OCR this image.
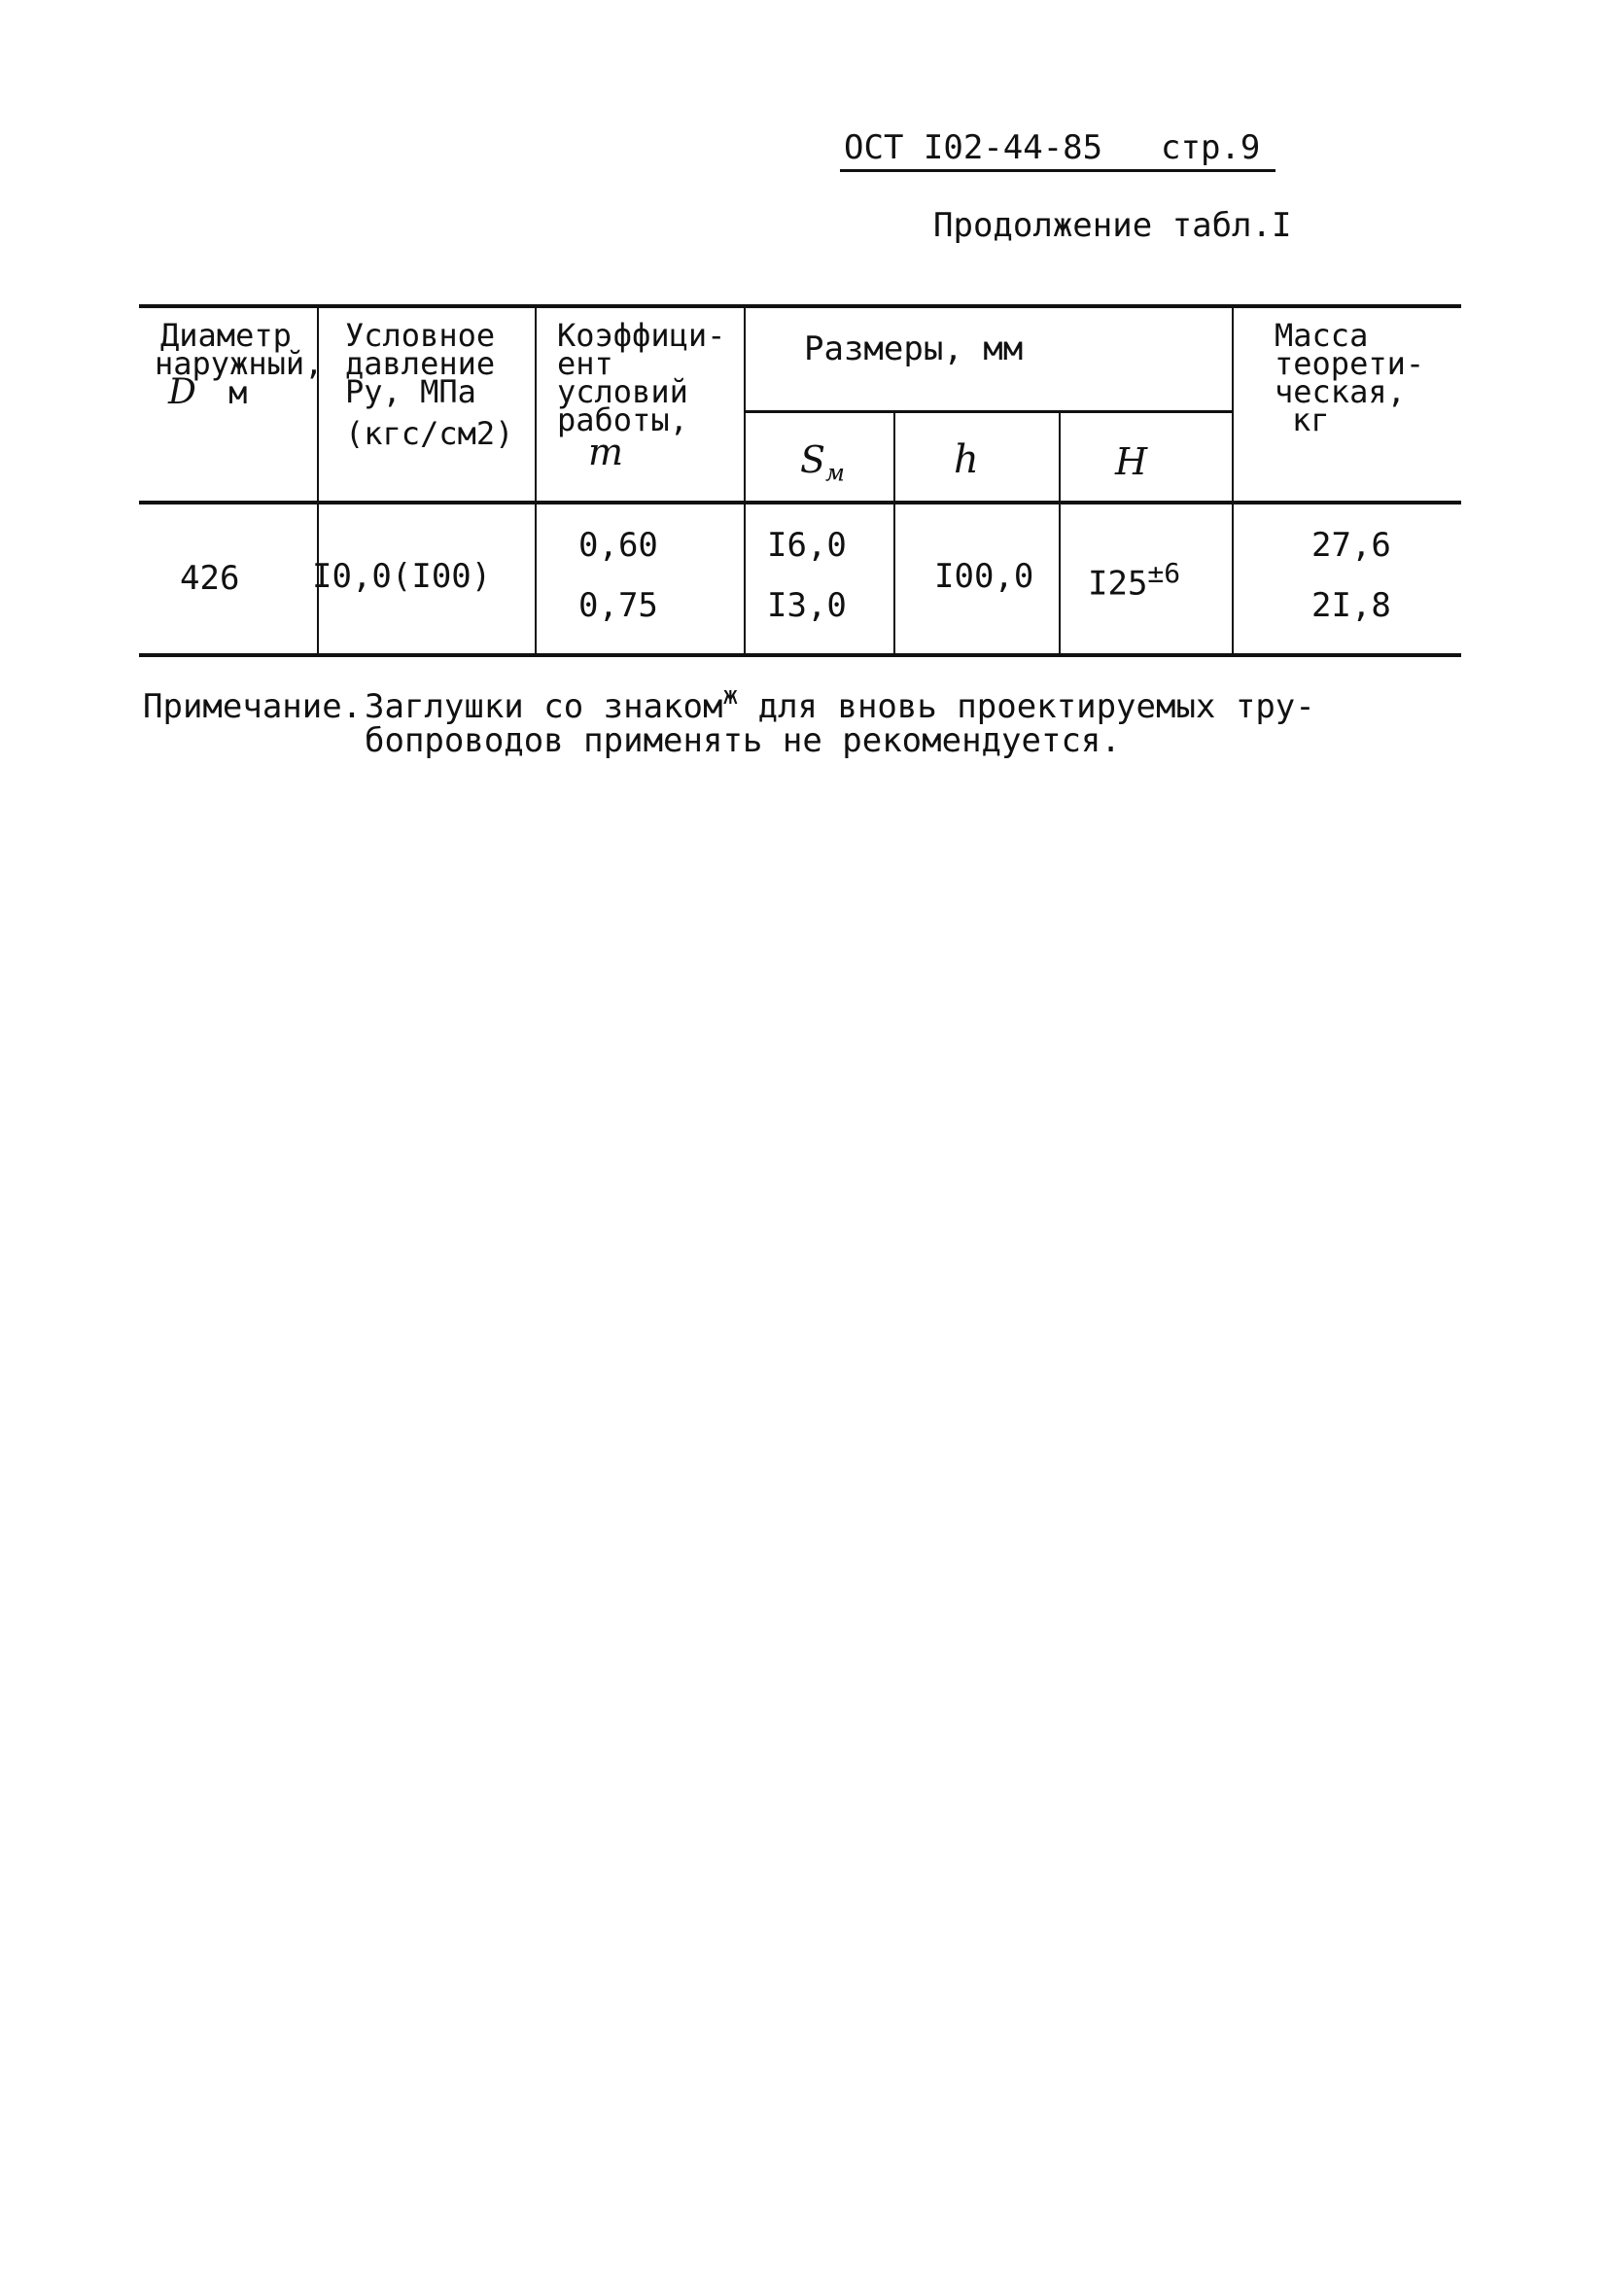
ОСТ I02-44-85 стр.9
Продолжение табл.I
Диаметр
наружный,
D м
Условное
давление
Py, МПа
(кгс/см2)
Коэффици-
ент
условий
работы,
m
Размеры, мм
$S_м$	h	H
Масса
теорети-
ческая,
кг
426 I0,0(I00)
0,60
0,75
I6,0
I3,0
I00,0 $I25^{\pm 6}$
27,6
2I,8
Примечание. Заглушки со знаком$^ж$ для вновь проектируемых тру-
бопроводов применять не рекомендуется.
